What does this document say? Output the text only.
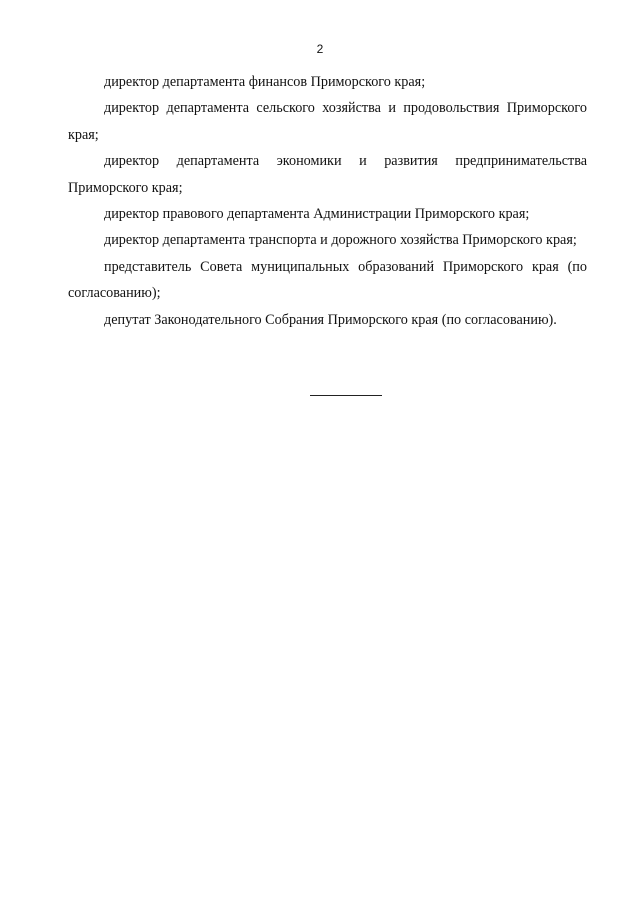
2

директор департамента финансов Приморского края;

директор департамента сельского хозяйства и продовольствия Приморского края;

директор департамента экономики и развития предпринимательства Приморского края;

директор правового департамента Администрации Приморского края;

директор департамента транспорта и дорожного хозяйства Приморского края;

представитель Совета муниципальных образований Приморского края (по согласованию);

депутат Законодательного Собрания Приморского края (по согласованию).
